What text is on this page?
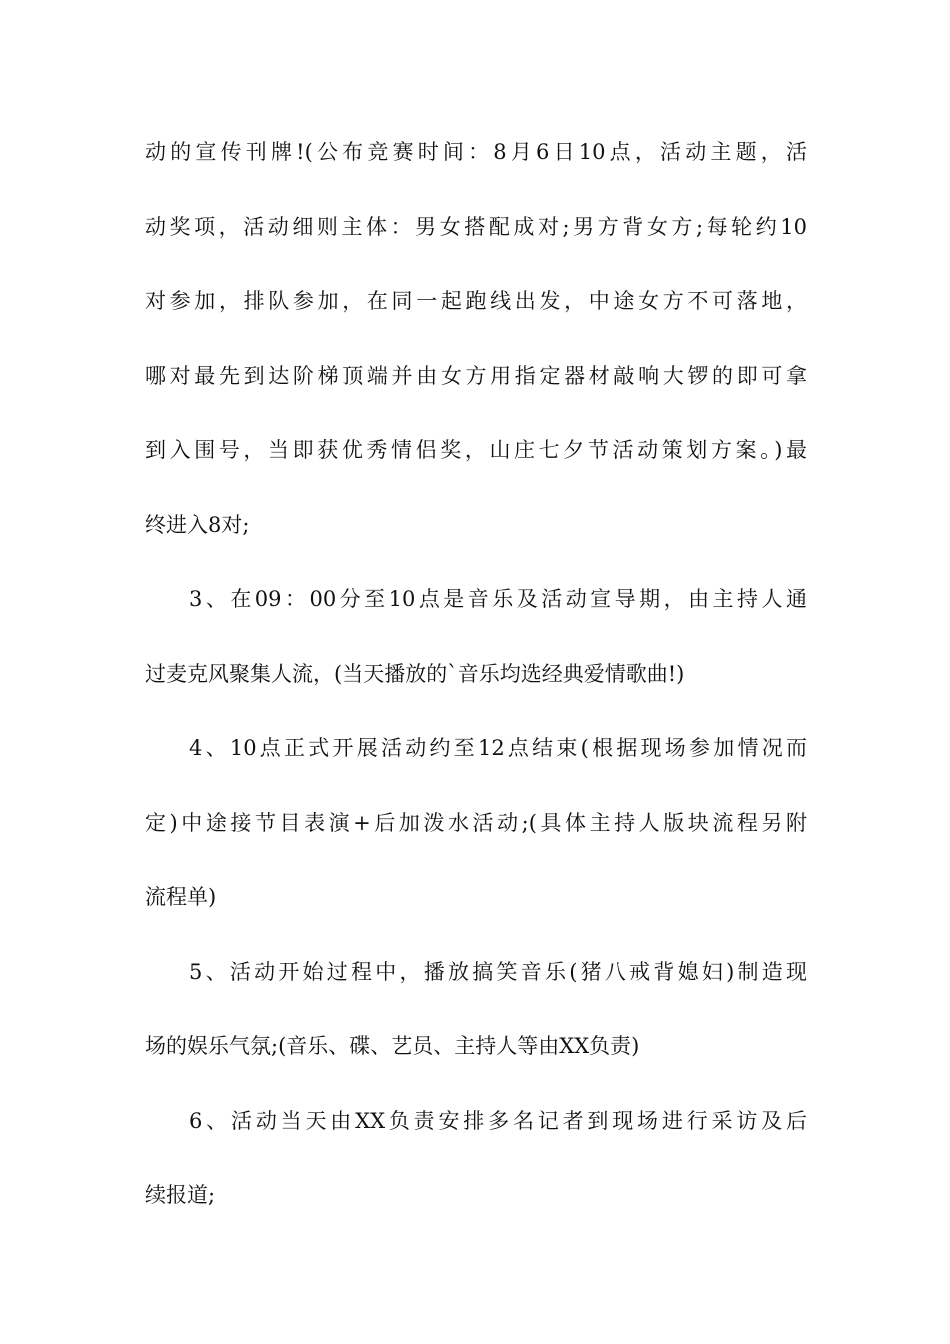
动的宣传刊牌!(公布竞赛时间：8月6日10点，活动主题，活
动奖项，活动细则主体：男女搭配成对;男方背女方;每轮约10
对参加，排队参加，在同一起跑线出发，中途女方不可落地，
哪对最先到达阶梯顶端并由女方用指定器材敲响大锣的即可拿
到入围号，当即获优秀情侣奖，山庄七夕节活动策划方案。)最
终进入8对;
3、在09：00分至10点是音乐及活动宣导期，由主持人通
过麦克风聚集人流，(当天播放的`音乐均选经典爱情歌曲!)
4、10点正式开展活动约至12点结束(根据现场参加情况而
定)中途接节目表演+后加泼水活动;(具体主持人版块流程另附
流程单)
5、活动开始过程中，播放搞笑音乐(猪八戒背媳妇)制造现
场的娱乐气氛;(音乐、碟、艺员、主持人等由XX负责)
6、活动当天由XX负责安排多名记者到现场进行采访及后
续报道;
